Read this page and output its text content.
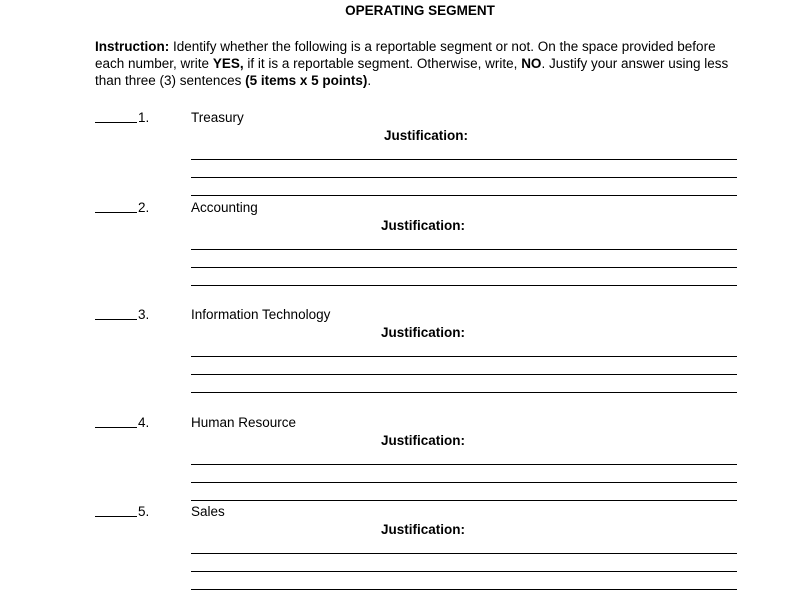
OPERATING SEGMENT
Instruction: Identify whether the following is a reportable segment or not. On the space provided before each number, write YES, if it is a reportable segment. Otherwise, write, NO. Justify your answer using less than three (3) sentences (5 items x 5 points).
1.	Treasury
Justification:
2.	Accounting
Justification:
3.	Information Technology
Justification:
4.	Human Resource
Justification:
5.	Sales
Justification:
